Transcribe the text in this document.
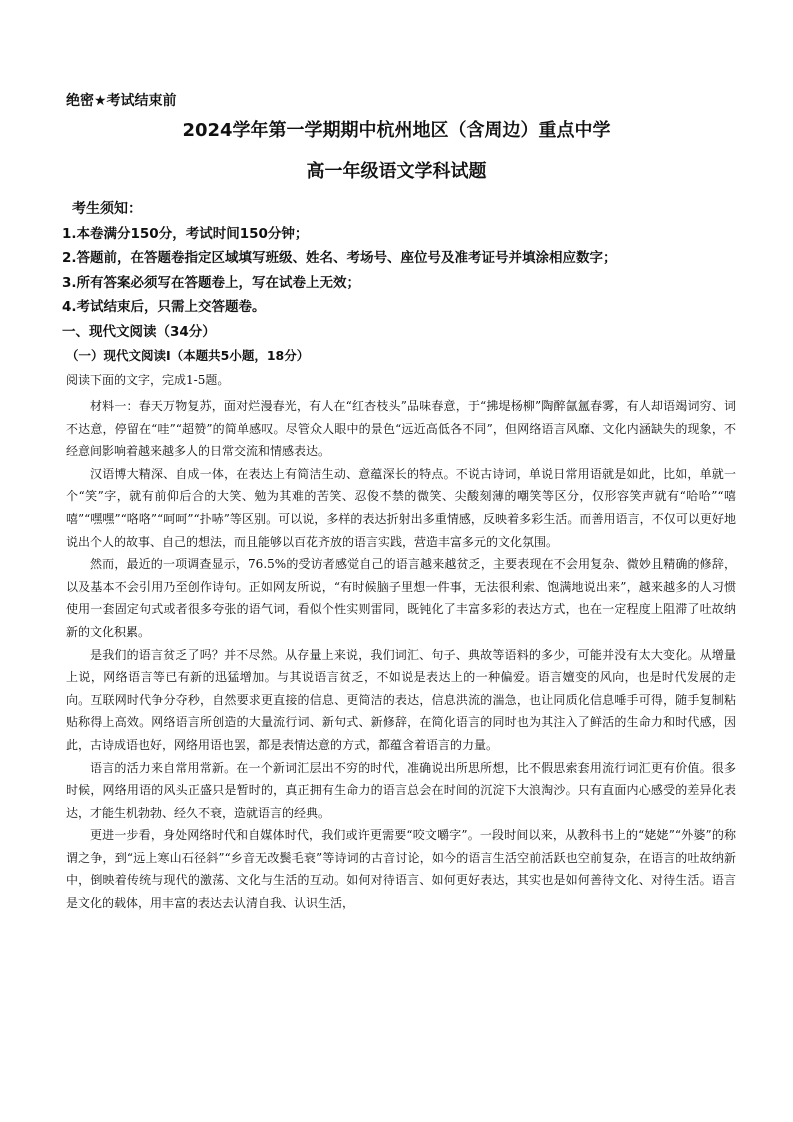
绝密★考试结束前
2024学年第一学期期中杭州地区（含周边）重点中学
高一年级语文学科试题
考生须知：
1.本卷满分150分，考试时间150分钟；
2.答题前，在答题卷指定区域填写班级、姓名、考场号、座位号及准考证号并填涂相应数字；
3.所有答案必须写在答题卷上，写在试卷上无效；
4.考试结束后，只需上交答题卷。
一、现代文阅读（34分）
（一）现代文阅读Ⅰ（本题共5小题，18分）
阅读下面的文字，完成1-5题。

材料一：春天万物复苏，面对烂漫春光，有人在“红杏枝头”品味春意，于“拂堤杨柳”陶醉氤氲春雾，有人却语竭词穷、词不达意，停留在“哇”“超赞”的简单感叹。尽管众人眼中的景色“远近高低各不同”，但网络语言风靡、文化内涵缺失的现象，不经意间影响着越来越多人的日常交流和情感表达。

汉语博大精深、自成一体，在表达上有简洁生动、意蕴深长的特点。不说古诗词，单说日常用语就是如此，比如，单就一个“笑”字，就有前仰后合的大笑、勉为其难的苦笑、忍俊不禁的微笑、尖酸刻薄的嘲笑等区分，仅形容笑声就有“哈哈”“嘻嘻”“嘿嘿”“咯咯”“呵呵”“扑哧”等区别。可以说，多样的表达折射出多重情感，反映着多彩生活。而善用语言，不仅可以更好地说出个人的故事、自己的想法，而且能够以百花齐放的语言实践，营造丰富多元的文化氛围。

然而，最近的一项调查显示，76.5%的受访者感觉自己的语言越来越贫乏，主要表现在不会用复杂、微妙且精确的修辞，以及基本不会引用乃至创作诗句。正如网友所说，“有时候脑子里想一件事，无法很利索、饱满地说出来”，越来越多的人习惯使用一套固定句式或者很多夸张的语气词，看似个性实则雷同，既钝化了丰富多彩的表达方式，也在一定程度上阻滞了吐故纳新的文化积累。

是我们的语言贫乏了吗？并不尽然。从存量上来说，我们词汇、句子、典故等语料的多少，可能并没有太大变化。从增量上说，网络语言等已有新的迅猛增加。与其说语言贫乏，不如说是表达上的一种偏爱。语言嬗变的风向，也是时代发展的走向。互联网时代争分夺秒，自然要求更直接的信息、更简洁的表达，信息洪流的湍急，也让同质化信息唾手可得，随手复制粘贴称得上高效。网络语言所创造的大量流行词、新句式、新修辞，在简化语言的同时也为其注入了鲜活的生命力和时代感，因此，古诗成语也好，网络用语也罢，都是表情达意的方式，都蕴含着语言的力量。

语言的活力来自常用常新。在一个新词汇层出不穷的时代，准确说出所思所想，比不假思索套用流行词汇更有价值。很多时候，网络用语的风头正盛只是暂时的，真正拥有生命力的语言总会在时间的沉淀下大浪淘沙。只有直面内心感受的差异化表达，才能生机勃勃、经久不衰，造就语言的经典。

更进一步看，身处网络时代和自媒体时代，我们或许更需要“咬文嚼字”。一段时间以来，从教科书上的“姥姥”“外婆”的称谓之争，到“远上寒山石径斜”“乡音无改鬓毛衰”等诗词的古音讨论，如今的语言生活空前活跃也空前复杂，在语言的吐故纳新中，倒映着传统与现代的激荡、文化与生活的互动。如何对待语言、如何更好表达，其实也是如何善待文化、对待生活。语言是文化的载体，用丰富的表达去认清自我、认识生活，
